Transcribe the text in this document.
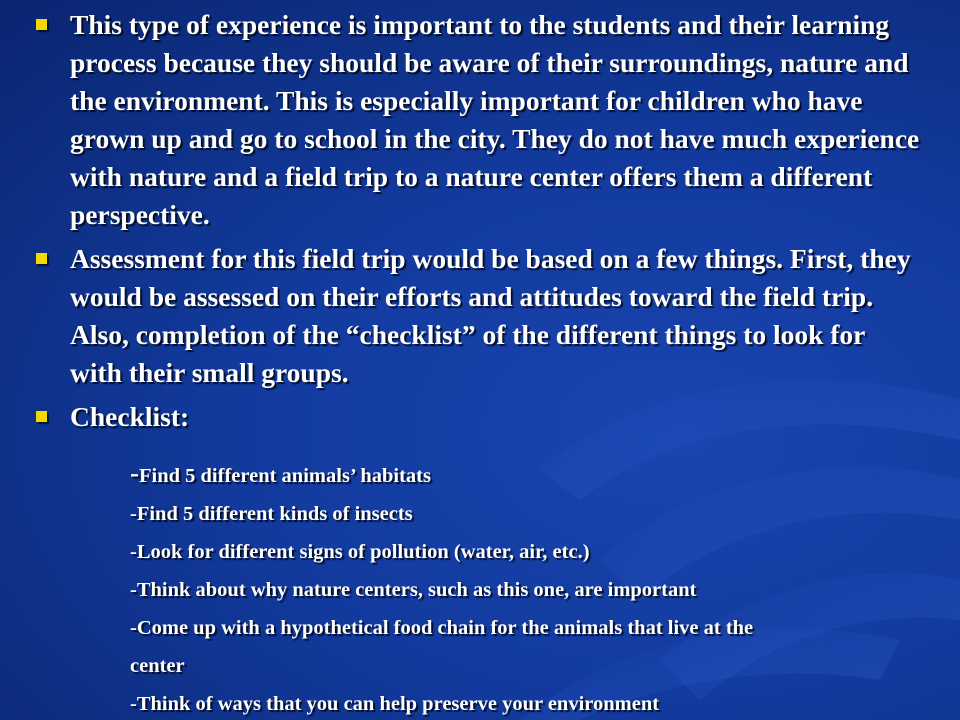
This type of experience is important to the students and their learning process because they should be aware of their surroundings, nature and the environment. This is especially important for children who have grown up and go to school in the city. They do not have much experience with nature and a field trip to a nature center offers them a different perspective.
Assessment for this field trip would be based on a few things. First, they would be assessed on their efforts and attitudes toward the field trip. Also, completion of the “checklist” of the different things to look for with their small groups.
Checklist:
-Find 5 different animals’ habitats
-Find 5 different kinds of insects
-Look for different signs of pollution (water, air, etc.)
-Think about why nature centers, such as this one, are important
-Come up with a hypothetical food chain for the animals that live at the
center
-Think of ways that you can help preserve your environment
